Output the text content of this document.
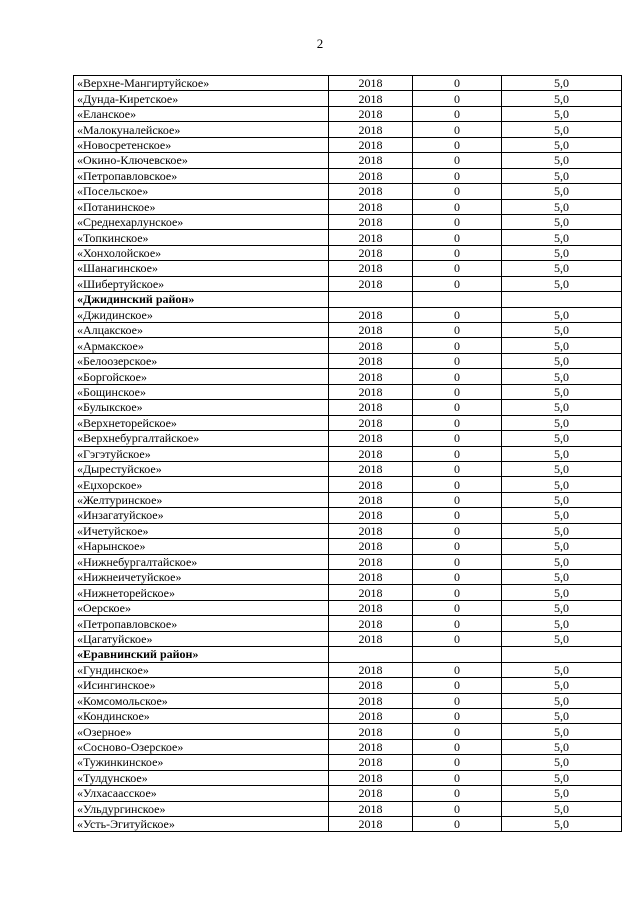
2
«Верхне-Мангиртуйское»	2018	0	5,0
«Дунда-Киретское»	2018	0	5,0
«Еланское»	2018	0	5,0
«Малокуналейское»	2018	0	5,0
«Новосретенское»	2018	0	5,0
«Окино-Ключевское»	2018	0	5,0
«Петропавловское»	2018	0	5,0
«Посельское»	2018	0	5,0
«Потанинское»	2018	0	5,0
«Среднехарлунское»	2018	0	5,0
«Топкинское»	2018	0	5,0
«Хонхолойское»	2018	0	5,0
«Шанагинское»	2018	0	5,0
«Шибертуйское»	2018	0	5,0
«Джидинский район»			
«Джидинское»	2018	0	5,0
«Алцакское»	2018	0	5,0
«Армакское»	2018	0	5,0
«Белоозерское»	2018	0	5,0
«Боргойское»	2018	0	5,0
«Бощинское»	2018	0	5,0
«Булыкское»	2018	0	5,0
«Верхнеторейское»	2018	0	5,0
«Верхнебургалтайское»	2018	0	5,0
«Гэгэтуйское»	2018	0	5,0
«Дырестуйское»	2018	0	5,0
«Еџхорское»	2018	0	5,0
«Желтуринское»	2018	0	5,0
«Инзагатуйское»	2018	0	5,0
«Ичетуйское»	2018	0	5,0
«Нарынское»	2018	0	5,0
«Нижнебургалтайское»	2018	0	5,0
«Нижнеичетуйское»	2018	0	5,0
«Нижнеторейское»	2018	0	5,0
«Оерское»	2018	0	5,0
«Петропавловское»	2018	0	5,0
«Цагатуйское»	2018	0	5,0
«Еравнинский район»			
«Гундинское»	2018	0	5,0
«Исингинское»	2018	0	5,0
«Комсомольское»	2018	0	5,0
«Кондинское»	2018	0	5,0
«Озерное»	2018	0	5,0
«Сосново-Озерское»	2018	0	5,0
«Тужинкинское»	2018	0	5,0
«Тулдунское»	2018	0	5,0
«Улхасаасское»	2018	0	5,0
«Ульдургинское»	2018	0	5,0
«Усть-Эгитуйское»	2018	0	5,0
